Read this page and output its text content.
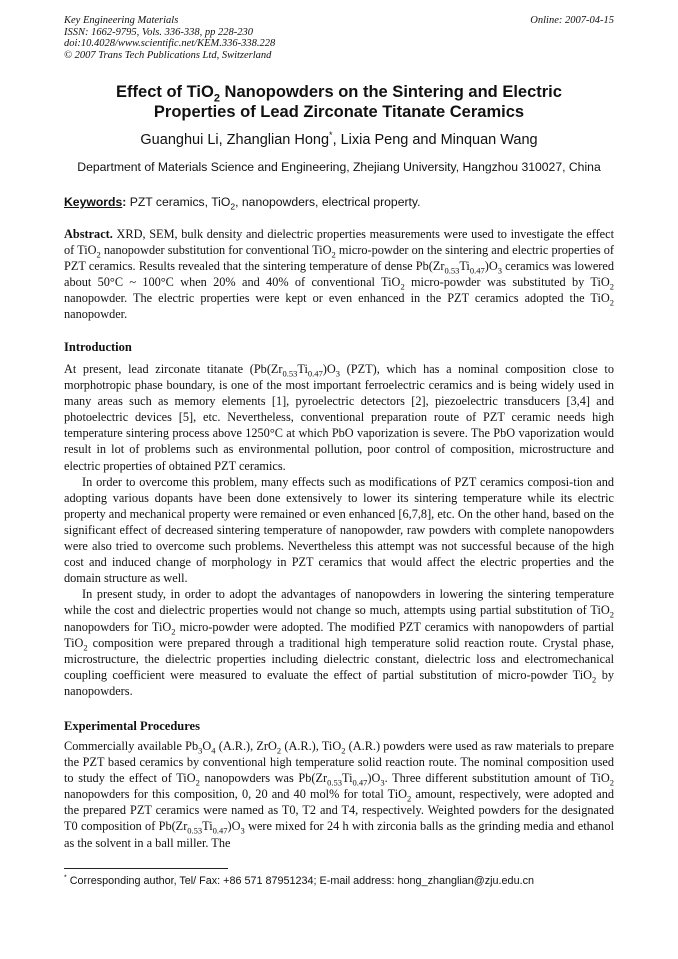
Key Engineering Materials
ISSN: 1662-9795, Vols. 336-338, pp 228-230
doi:10.4028/www.scientific.net/KEM.336-338.228
© 2007 Trans Tech Publications Ltd, Switzerland
Online: 2007-04-15
Effect of TiO$_2$ Nanopowders on the Sintering and Electric
Properties of Lead Zirconate Titanate Ceramics
Guanghui Li, Zhanglian Hong*, Lixia Peng and Minquan Wang
Department of Materials Science and Engineering, Zhejiang University, Hangzhou 310027, China
Keywords: PZT ceramics, TiO$_2$, nanopowders, electrical property.

Abstract. XRD, SEM, bulk density and dielectric properties measurements were used to investigate the effect of TiO$_2$ nanopowder substitution for conventional TiO$_2$ micro-powder on the sintering and electric properties of PZT ceramics. Results revealed that the sintering temperature of dense $Pb(Zr_{0.53}Ti_{0.47})O_3$ ceramics was lowered about 50°C ~ 100°C when 20% and 40% of conventional TiO$_2$ micro-powder was substituted by TiO$_2$ nanopowder. The electric properties were kept or even enhanced in the PZT ceramics adopted the TiO$_2$ nanopowder.

Introduction

At present, lead zirconate titanate ($Pb(Zr_{0.53}Ti_{0.47})O_3$ (PZT), which has a nominal composition close to morphotropic phase boundary, is one of the most important ferroelectric ceramics and is being widely used in many areas such as memory elements [1], pyroelectric detectors [2], piezoelectric transducers [3,4] and photoelectric devices [5], etc. Nevertheless, conventional preparation route of PZT ceramic needs high temperature sintering process above 1250°C at which PbO vaporization is severe. The PbO vaporization would result in lot of problems such as environmental pollution, poor control of composition, microstructure and electric properties of obtained PZT ceramics.

In order to overcome this problem, many effects such as modifications of PZT ceramics composi-tion and adopting various dopants have been done extensively to lower its sintering temperature while its electric property and mechanical property were remained or even enhanced [6,7,8], etc. On the other hand, based on the significant effect of decreased sintering temperature of nanopowder, raw powders with complete nanopowders were also tried to overcome such problems. Nevertheless this attempt was not successful because of the high cost and induced change of morphology in PZT ceramics that would affect the electric properties and the domain structure as well.

In present study, in order to adopt the advantages of nanopowders in lowering the sintering temperature while the cost and dielectric properties would not change so much, attempts using partial substitution of TiO$_2$ nanopowders for TiO$_2$ micro-powder were adopted. The modified PZT ceramics with nanopowders of partial TiO$_2$ composition were prepared through a traditional high temperature solid reaction route. Crystal phase, microstructure, the dielectric properties including dielectric constant, dielectric loss and electromechanical coupling coefficient were measured to evaluate the effect of partial substitution of micro-powder TiO$_2$ by nanopowders.

Experimental Procedures

Commercially available $Pb_3O_4$ (A.R.), ZrO$_2$ (A.R.), TiO$_2$ (A.R.) powders were used as raw materials to prepare the PZT based ceramics by conventional high temperature solid reaction route. The nominal composition used to study the effect of TiO$_2$ nanopowders was $Pb(Zr_{0.53}Ti_{0.47})O_3$. Three different substitution amount of TiO$_2$ nanopowders for this composition, 0, 20 and 40 mol% for total TiO$_2$ amount, respectively, were adopted and the prepared PZT ceramics were named as T0, T2 and T4, respectively. Weighted powders for the designated T0 composition of $Pb(Zr_{0.53}Ti_{0.47})O_3$ were mixed for 24 h with zirconia balls as the grinding media and ethanol as the solvent in a ball miller. The

* Corresponding author, Tel/ Fax: +86 571 87951234; E-mail address: hong_zhanglian@zju.edu.cn
